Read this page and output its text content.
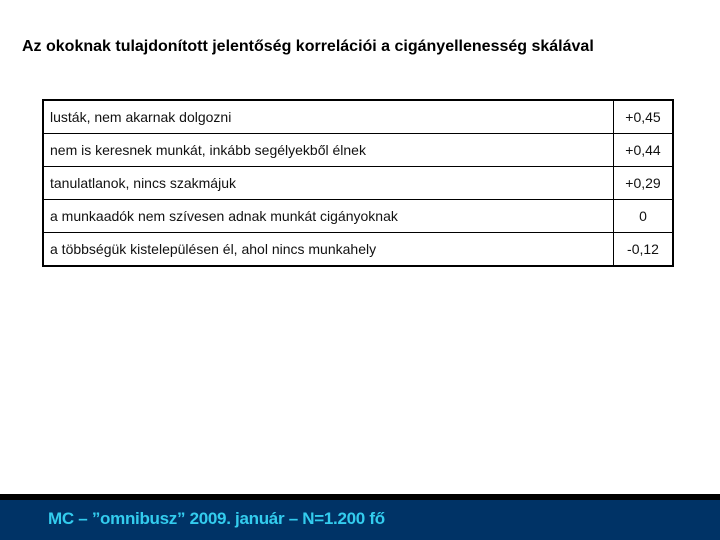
Az okoknak tulajdonított jelentőség korrelációi a cigányellenesség skálával
lusták, nem akarnak dolgozni	+0,45
nem is keresnek munkát, inkább segélyekből élnek	+0,44
tanulatlanok, nincs szakmájuk	+0,29
a munkaadók nem szívesen adnak munkát cigányoknak	0
a többségük kistelepülésen él, ahol nincs munkahely	-0,12
MC – ”omnibusz” 2009. január – N=1.200 fő
